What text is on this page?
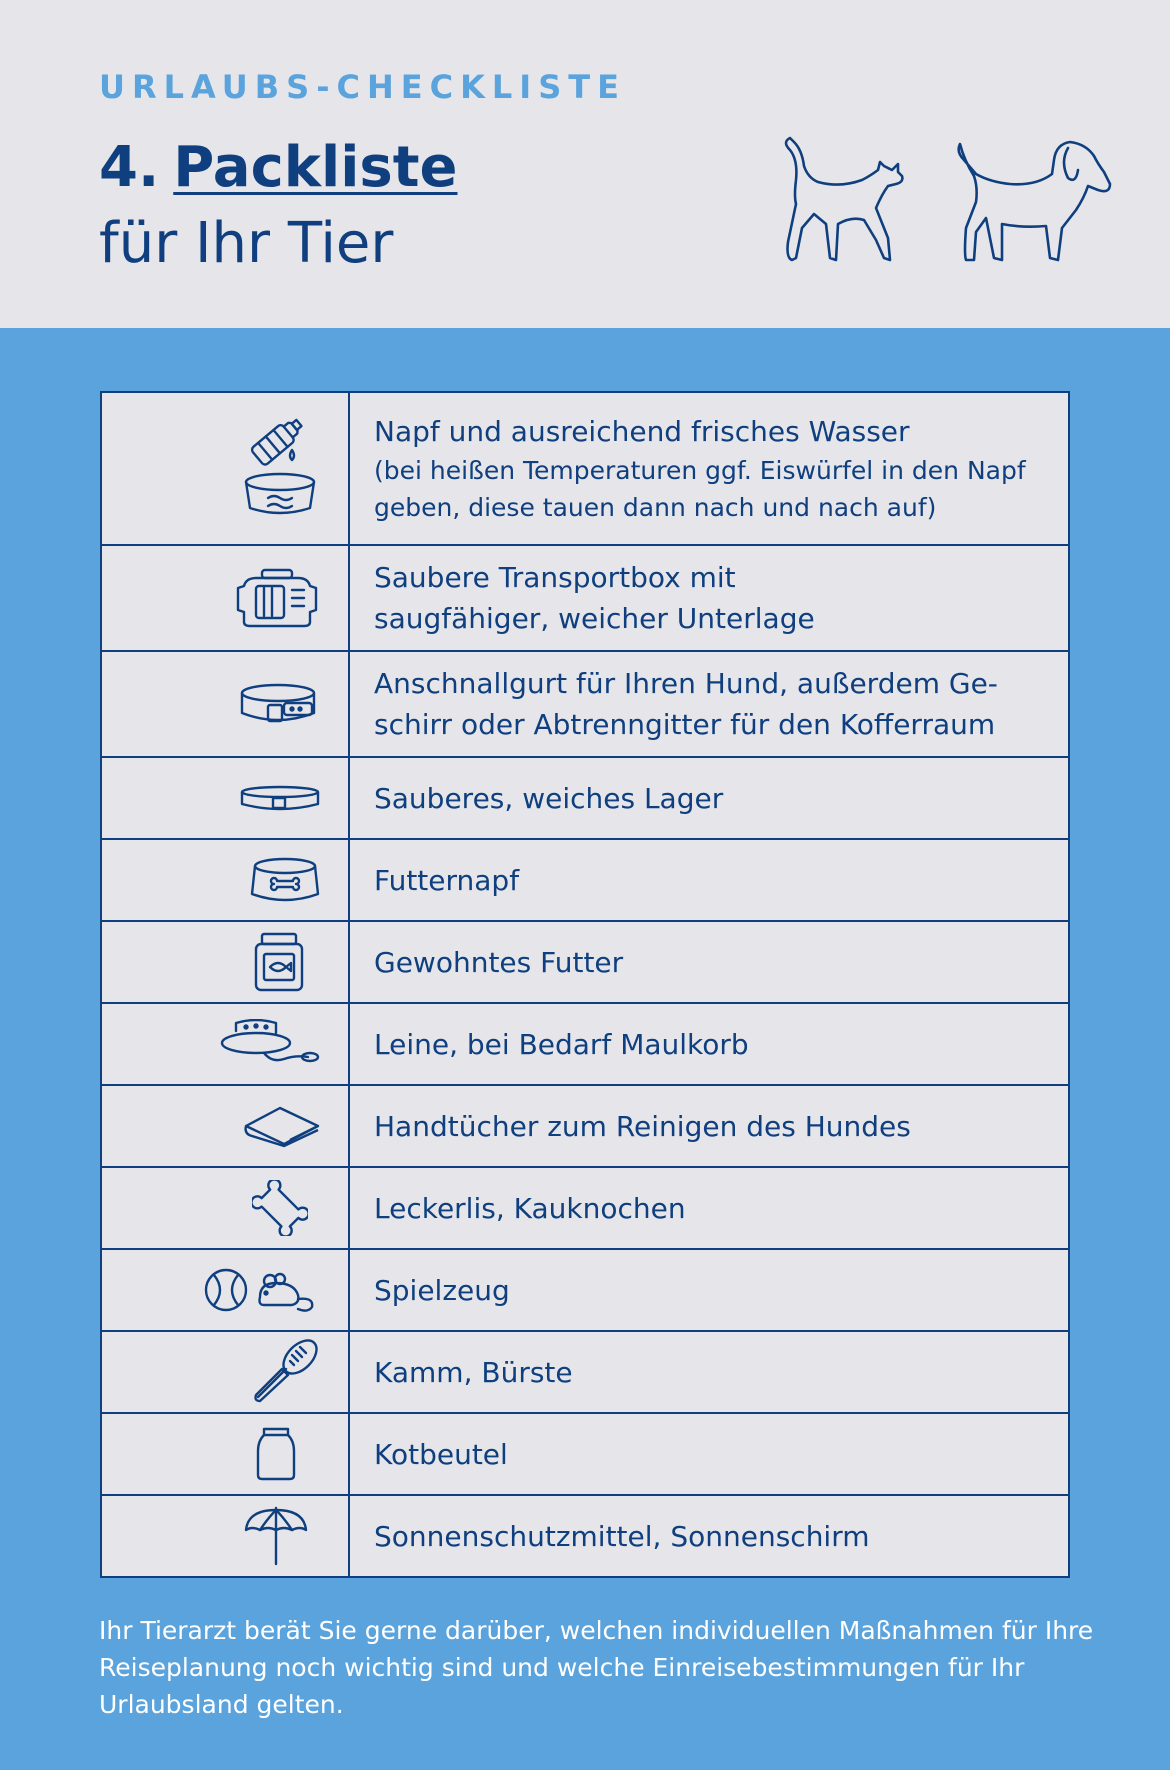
URLAUBS-CHECKLISTE
4. Packliste
für Ihr Tier
Napf und ausreichend frisches Wasser
(bei heißen Temperaturen ggf. Eiswürfel in den Napf geben, diese tauen dann nach und nach auf)
Saubere Transportbox mit saugfähiger, weicher Unterlage
Anschnallgurt für Ihren Hund, außerdem Ge-schirr oder Abtrenngitter für den Kofferraum
Sauberes, weiches Lager
Futternapf
Gewohntes Futter
Leine, bei Bedarf Maulkorb
Handtücher zum Reinigen des Hundes
Leckerlis, Kauknochen
Spielzeug
Kamm, Bürste
Kotbeutel
Sonnenschutzmittel, Sonnenschirm
Ihr Tierarzt berät Sie gerne darüber, welchen individuellen Maßnahmen für Ihre Reiseplanung noch wichtig sind und welche Einreisebestimmungen für Ihr Urlaubsland gelten.
